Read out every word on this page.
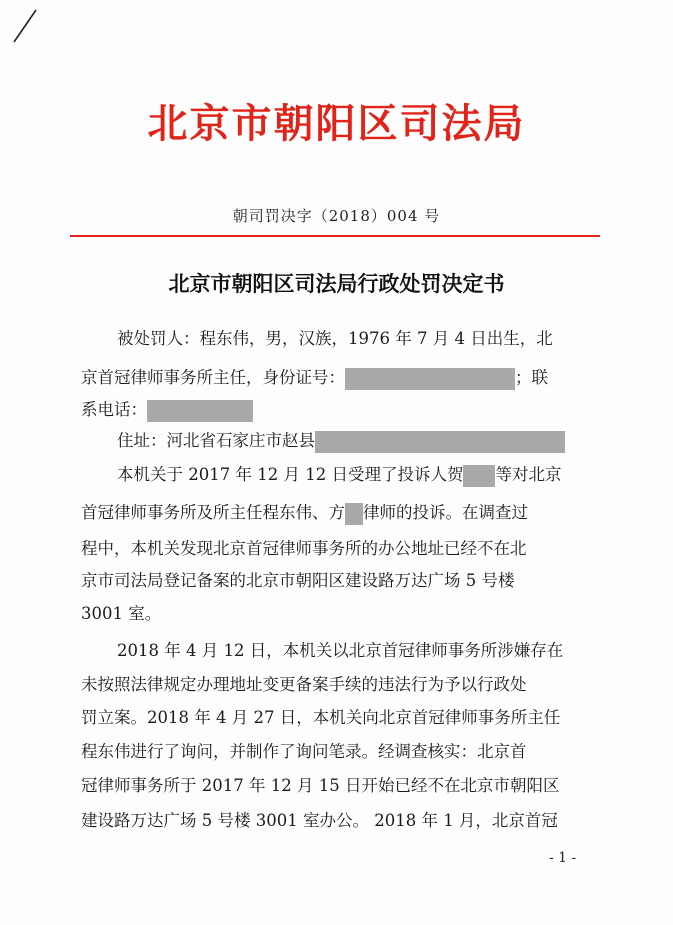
北京市朝阳区司法局
朝司罚决字（2018）004 号
北京市朝阳区司法局行政处罚决定书
被处罚人：程东伟，男，汉族，1976 年 7 月 4 日出生，北
京首冠律师事务所主任，身份证号：	；联
系电话：
住址：河北省石家庄市赵县
本机关于 2017 年 12 月 12 日受理了投诉人贺 等对北京
首冠律师事务所及所主任程东伟、方 律师的投诉。在调查过
程中，本机关发现北京首冠律师事务所的办公地址已经不在北
京市司法局登记备案的北京市朝阳区建设路万达广场 5 号楼
3001 室。
2018 年 4 月 12 日，本机关以北京首冠律师事务所涉嫌存在
未按照法律规定办理地址变更备案手续的违法行为予以行政处
罚立案。2018 年 4 月 27 日，本机关向北京首冠律师事务所主任
程东伟进行了询问，并制作了询问笔录。经调查核实：北京首
冠律师事务所于 2017 年 12 月 15 日开始已经不在北京市朝阳区
建设路万达广场 5 号楼 3001 室办公。 2018 年 1 月，北京首冠
- 1 -
